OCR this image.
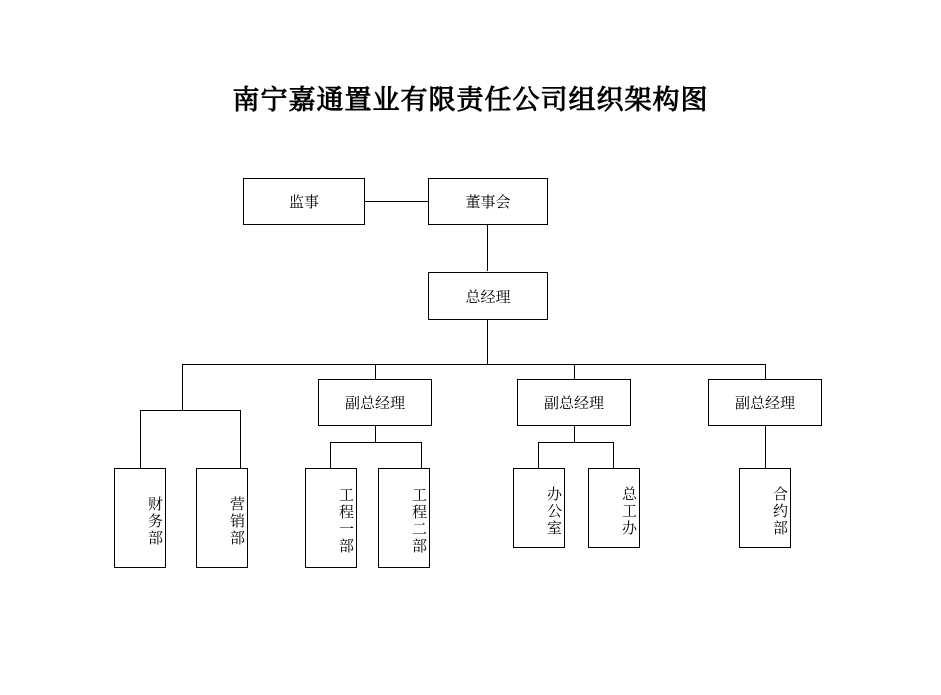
南宁嘉通置业有限责任公司组织架构图
监事	董事会
总经理
副总经理	副总经理	副总经理
财务部	营销部	工程一部	工程二部	办公室	总工办	合约部
